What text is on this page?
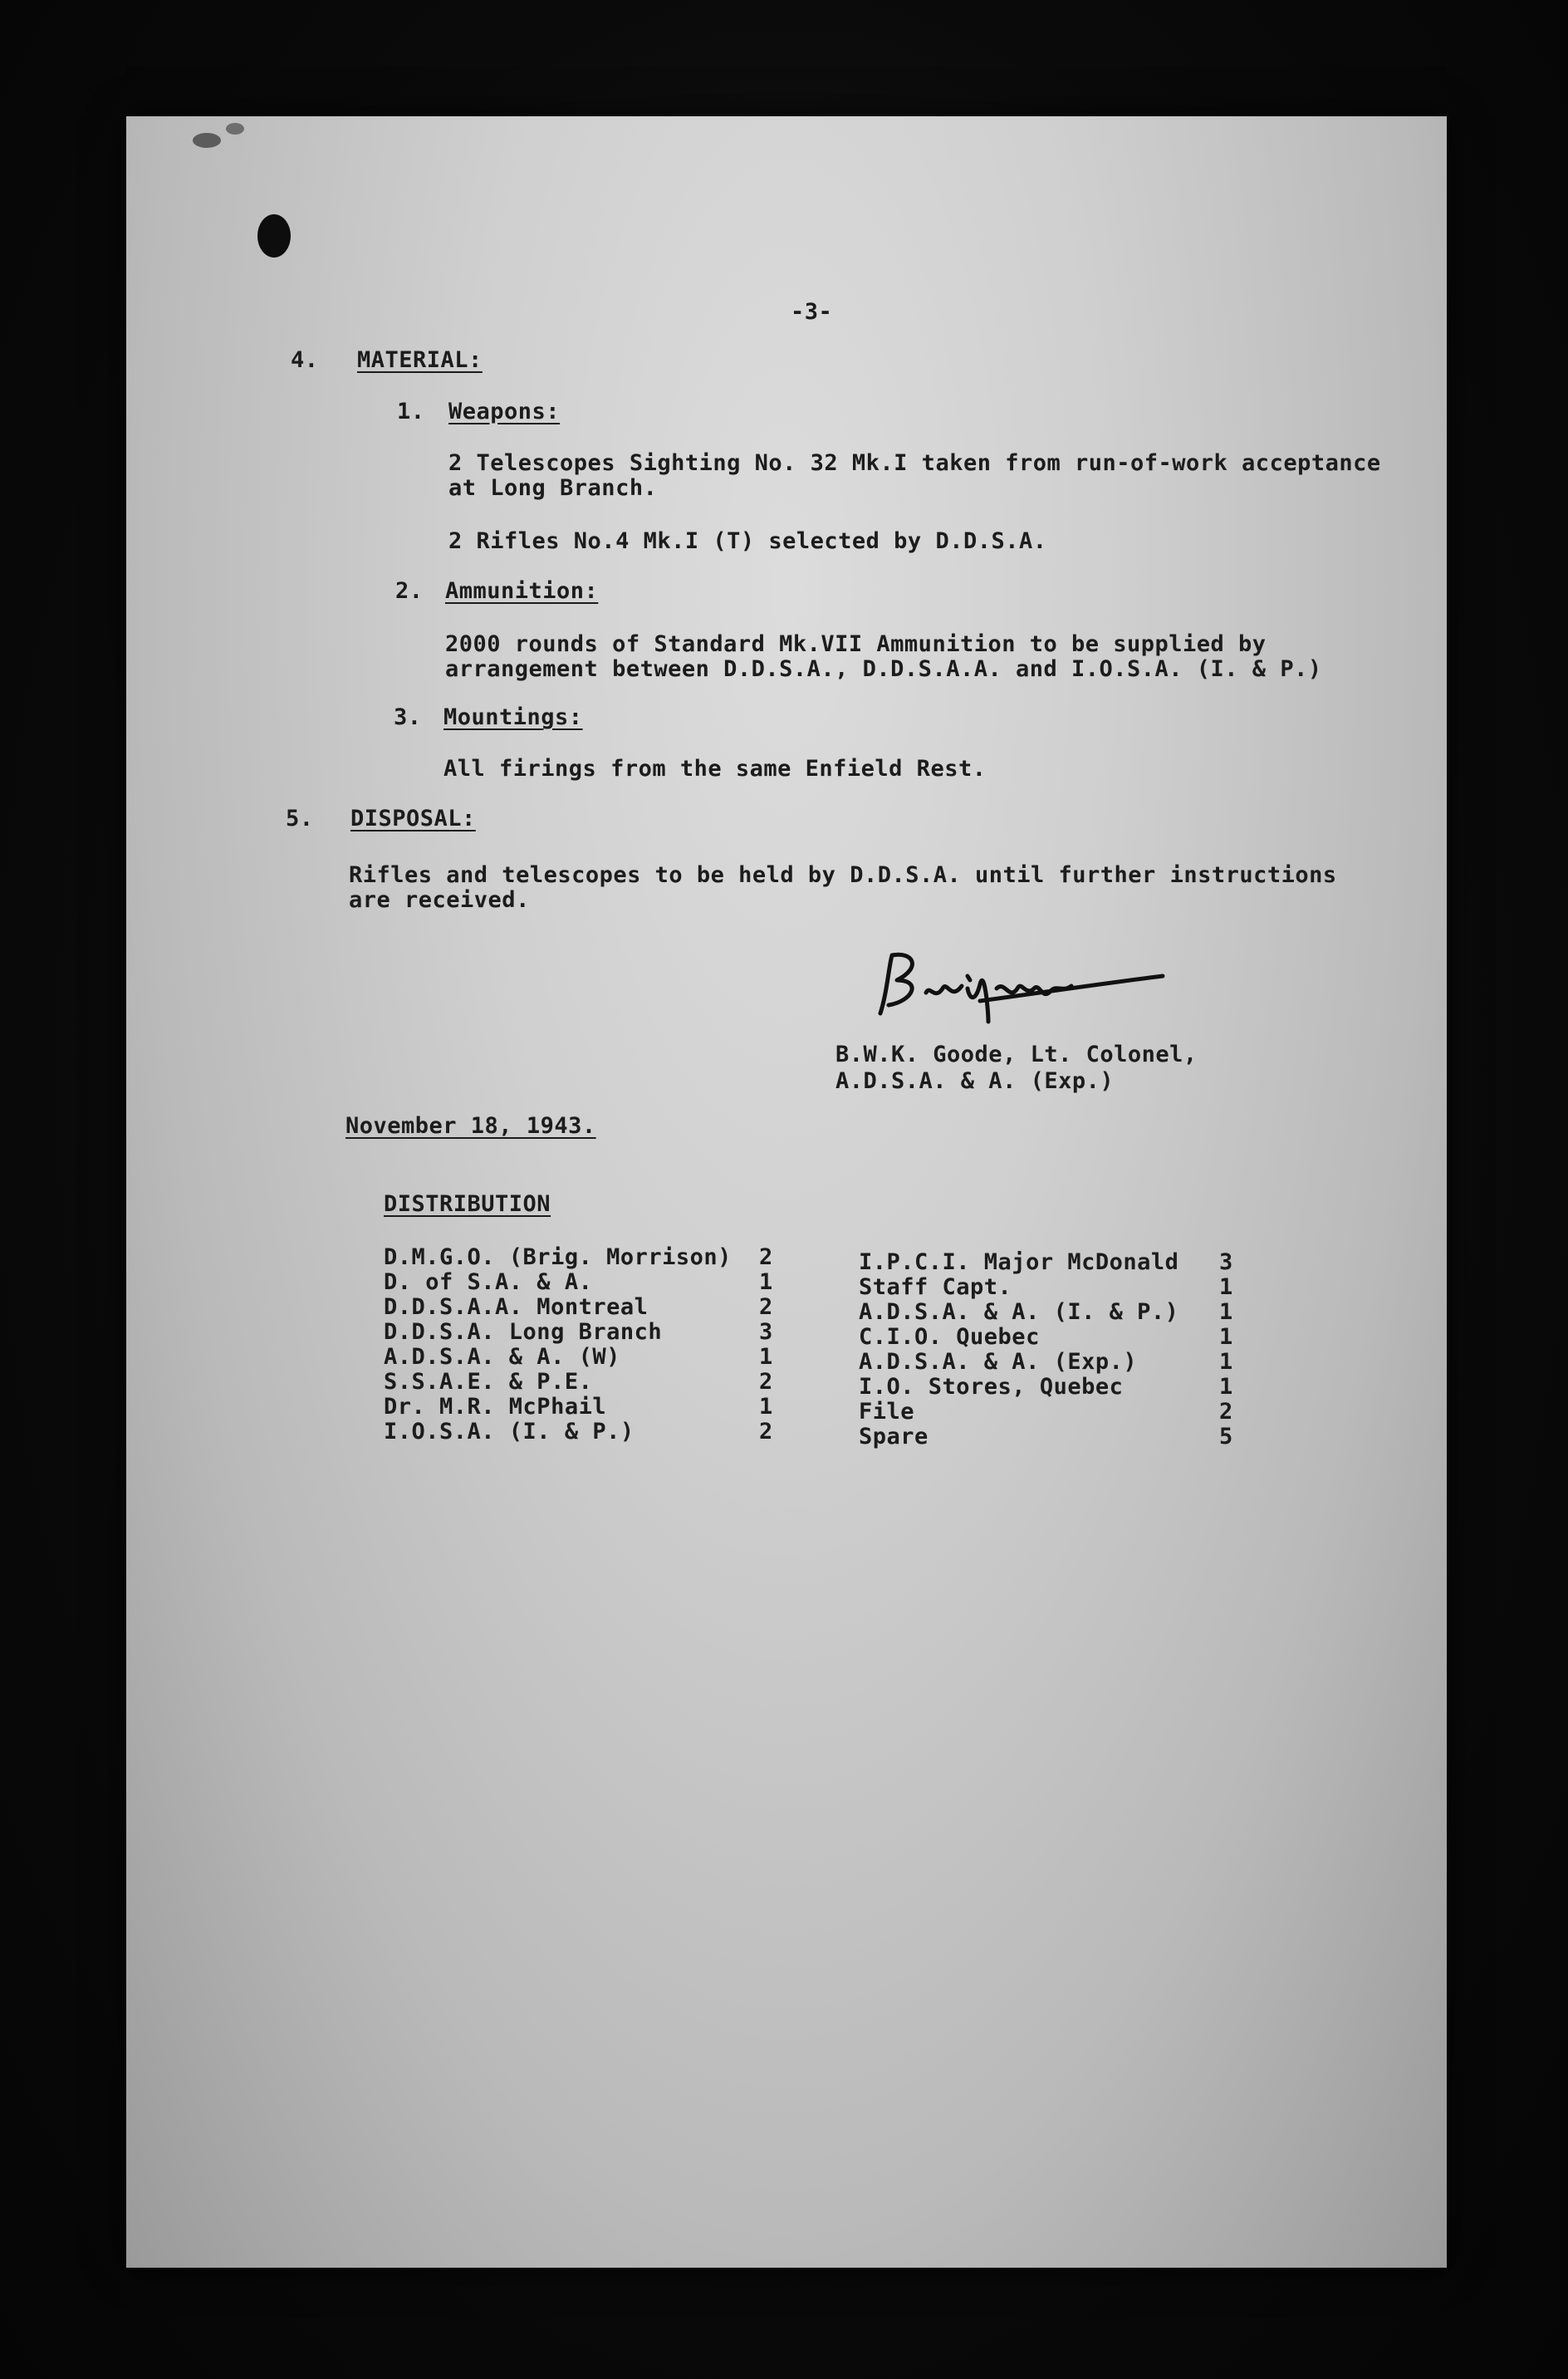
-3-
4. MATERIAL:
1. Weapons:
2 Telescopes Sighting No. 32 Mk.I taken from run-of-work acceptance
at Long Branch.
2 Rifles No.4 Mk.I (T) selected by D.D.S.A.
2. Ammunition:
2000 rounds of Standard Mk.VII Ammunition to be supplied by
arrangement between D.D.S.A., D.D.S.A.A. and I.O.S.A. (I. & P.)
3. Mountings:
All firings from the same Enfield Rest.
5. DISPOSAL:
Rifles and telescopes to be held by D.D.S.A. until further instructions
are received.
B.W.K. Goode, Lt. Colonel,
A.D.S.A. & A. (Exp.)
November 18, 1943.
DISTRIBUTION
D.M.G.O. (Brig. Morrison) 2
D. of S.A. & A.	1
D.D.S.A.A. Montreal	2
D.D.S.A. Long Branch	3
A.D.S.A. & A. (W)	1
S.S.A.E. & P.E.	2
Dr. M.R. McPhail	1
I.O.S.A. (I. & P.)	2
I.P.C.I. Major McDonald 3
Staff Capt.	1
A.D.S.A. & A. (I. & P.) 1
C.I.O. Quebec	1
A.D.S.A. & A. (Exp.)	1
I.O. Stores, Quebec	1
File	2
Spare	5
